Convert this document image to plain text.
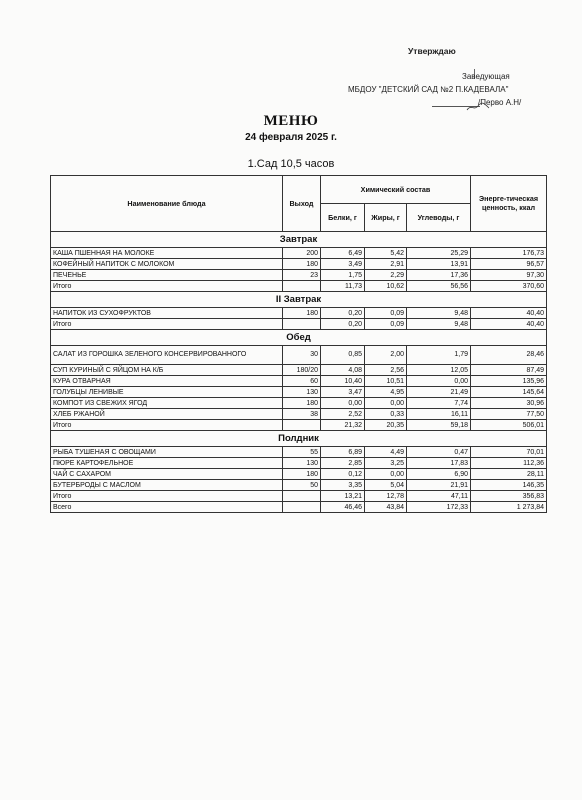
Утверждаю
Заведующая
МБДОУ "ДЕТСКИЙ САД №2 П.КАДЕВАЛА"
/Перво А.Н/
МЕНЮ
24 февраля 2025 г.
1.Сад 10,5 часов
Наименование блюда	Выход	Химический состав			Энерге-тическая ценность, ккал
		Белки, г	Жиры, г	Углеводы, г	
Завтрак					
КАША ПШЕННАЯ НА МОЛОКЕ	200	6,49	5,42	25,29	176,73
КОФЕЙНЫЙ НАПИТОК С МОЛОКОМ	180	3,49	2,91	13,91	96,57
ПЕЧЕНЬЕ	23	1,75	2,29	17,36	97,30
Итого		11,73	10,62	56,56	370,60
II Завтрак					
НАПИТОК ИЗ СУХОФРУКТОВ	180	0,20	0,09	9,48	40,40
Итого		0,20	0,09	9,48	40,40
Обед					
САЛАТ ИЗ ГОРОШКА ЗЕЛЕНОГО КОНСЕРВИРОВАННОГО	30	0,85	2,00	1,79	28,46
СУП КУРИНЫЙ С ЯЙЦОМ НА К/Б	180/20	4,08	2,56	12,05	87,49
КУРА ОТВАРНАЯ	60	10,40	10,51	0,00	135,96
ГОЛУБЦЫ ЛЕНИВЫЕ	130	3,47	4,95	21,49	145,64
КОМПОТ ИЗ СВЕЖИХ ЯГОД	180	0,00	0,00	7,74	30,96
ХЛЕБ РЖАНОЙ	38	2,52	0,33	16,11	77,50
Итого		21,32	20,35	59,18	506,01
Полдник					
РЫБА ТУШЕНАЯ С ОВОЩАМИ	55	6,89	4,49	0,47	70,01
ПЮРЕ КАРТОФЕЛЬНОЕ	130	2,85	3,25	17,83	112,36
ЧАЙ С САХАРОМ	180	0,12	0,00	6,90	28,11
БУТЕРБРОДЫ С МАСЛОМ	50	3,35	5,04	21,91	146,35
Итого		13,21	12,78	47,11	356,83
Всего		46,46	43,84	172,33	1 273,84
